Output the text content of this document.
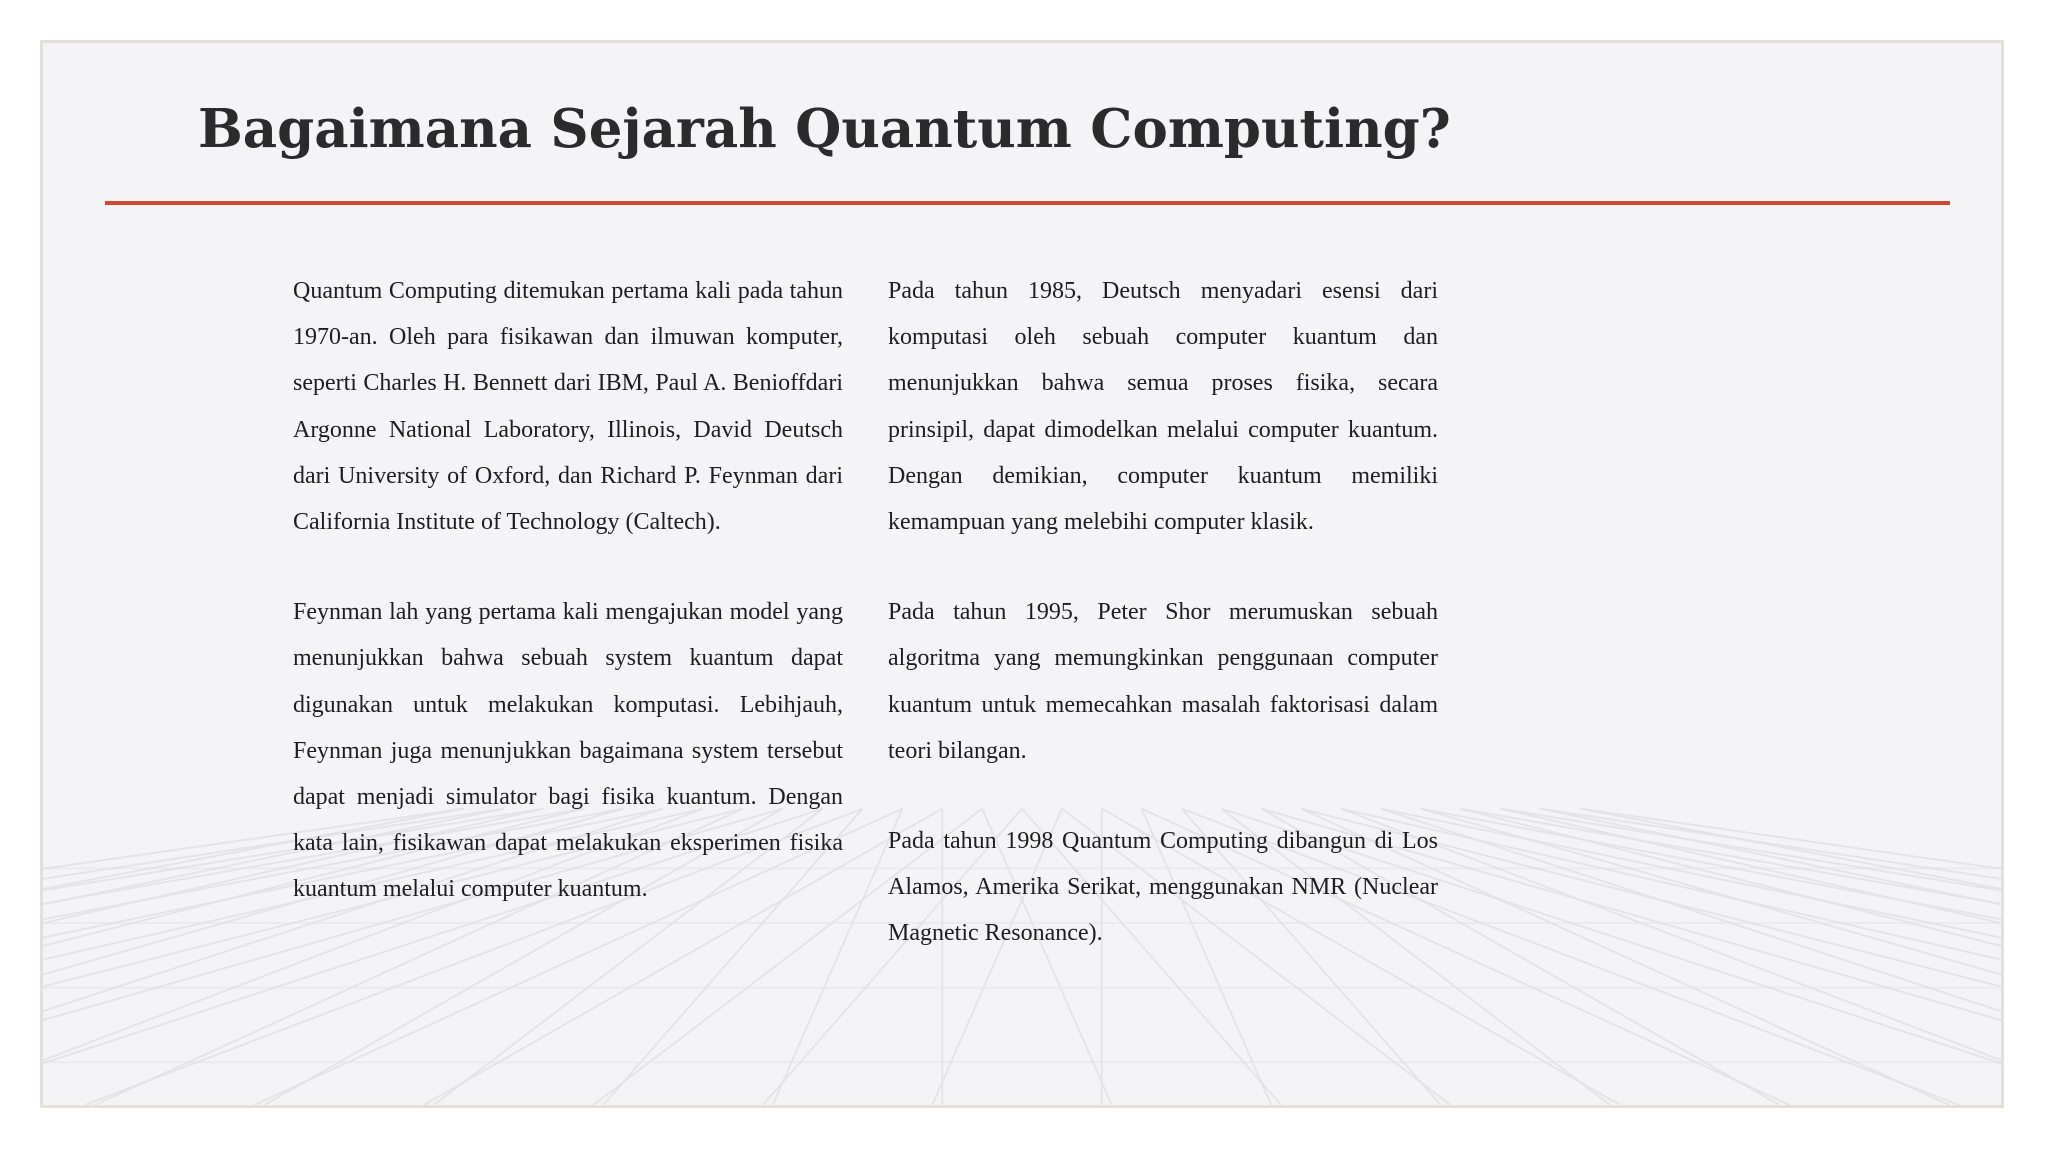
Bagaimana Sejarah Quantum Computing?

Quantum Computing ditemukan pertama kali pada tahun 1970-an. Oleh para fisikawan dan ilmuwan komputer, seperti Charles H. Bennett dari IBM, Paul A. Benioffdari Argonne National Laboratory, Illinois, David Deutsch dari University of Oxford, dan Richard P. Feynman dari California Institute of Technology (Caltech).

Feynman lah yang pertama kali mengajukan model yang menunjukkan bahwa sebuah system kuantum dapat digunakan untuk melakukan komputasi. Lebihjauh, Feynman juga menunjukkan bagaimana system tersebut dapat menjadi simulator bagi fisika kuantum. Dengan kata lain, fisikawan dapat melakukan eksperimen fisika kuantum melalui computer kuantum.

Pada tahun 1985, Deutsch menyadari esensi dari komputasi oleh sebuah computer kuantum dan menunjukkan bahwa semua proses fisika, secara prinsipil, dapat dimodelkan melalui computer kuantum. Dengan demikian, computer kuantum memiliki kemampuan yang melebihi computer klasik.

Pada tahun 1995, Peter Shor merumuskan sebuah algoritma yang memungkinkan penggunaan computer kuantum untuk memecahkan masalah faktorisasi dalam teori bilangan.

Pada tahun 1998 Quantum Computing dibangun di Los Alamos, Amerika Serikat, menggunakan NMR (Nuclear Magnetic Resonance).
